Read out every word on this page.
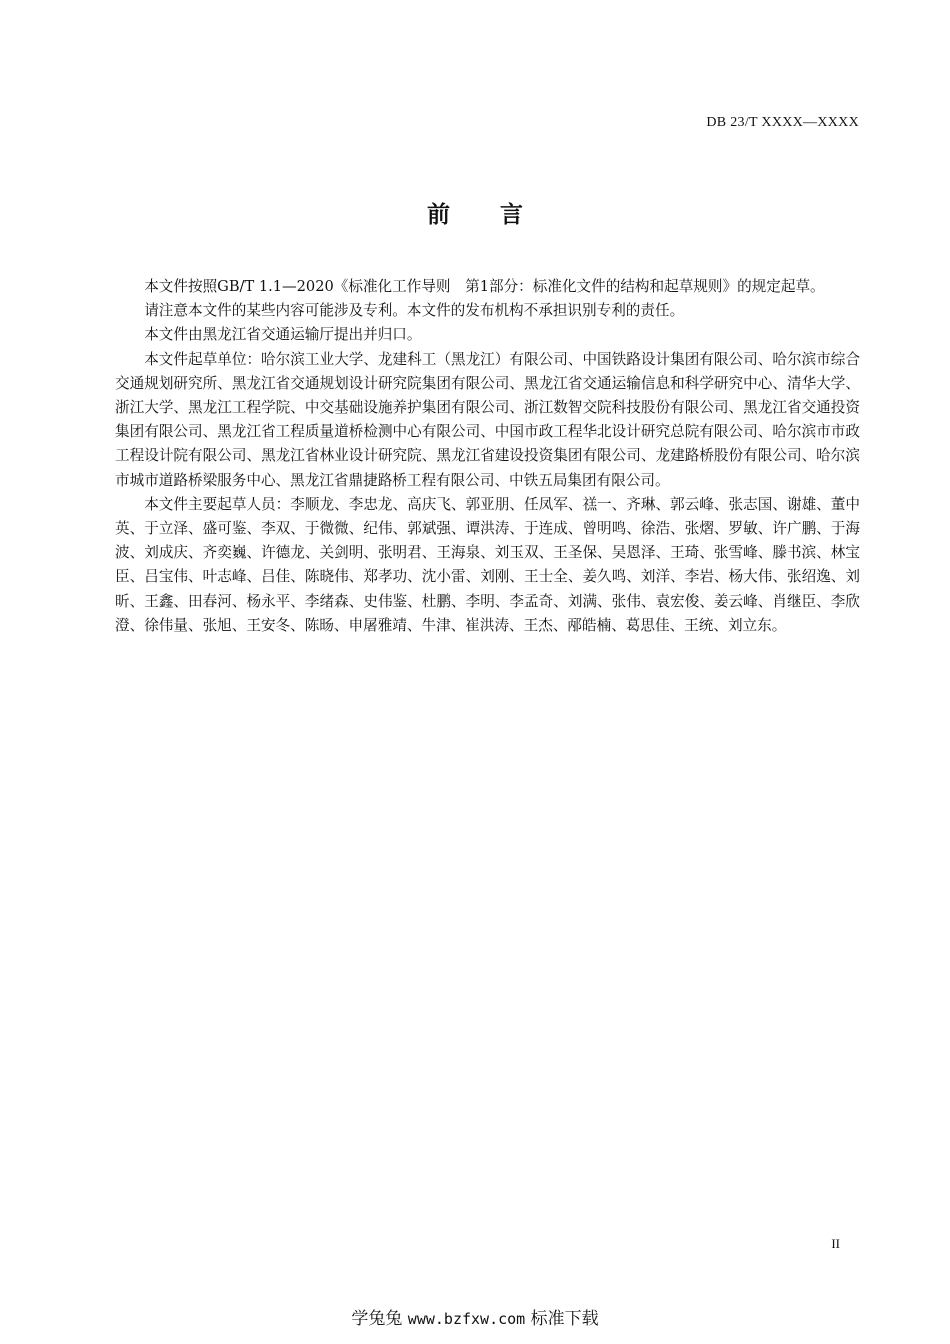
DB 23/T XXXX—XXXX
前言

本文件按照GB/T 1.1—2020《标准化工作导则　第1部分：标准化文件的结构和起草规则》的规定起草。

请注意本文件的某些内容可能涉及专利。本文件的发布机构不承担识别专利的责任。

本文件由黑龙江省交通运输厅提出并归口。

本文件起草单位：哈尔滨工业大学、龙建科工（黑龙江）有限公司、中国铁路设计集团有限公司、哈尔滨市综合交通规划研究所、黑龙江省交通规划设计研究院集团有限公司、黑龙江省交通运输信息和科学研究中心、清华大学、浙江大学、黑龙江工程学院、中交基础设施养护集团有限公司、浙江数智交院科技股份有限公司、黑龙江省交通投资集团有限公司、黑龙江省工程质量道桥检测中心有限公司、中国市政工程华北设计研究总院有限公司、哈尔滨市市政工程设计院有限公司、黑龙江省林业设计研究院、黑龙江省建设投资集团有限公司、龙建路桥股份有限公司、哈尔滨市城市道路桥梁服务中心、黑龙江省鼎捷路桥工程有限公司、中铁五局集团有限公司。

本文件主要起草人员：李顺龙、李忠龙、高庆飞、郭亚朋、任凤军、禚一、齐琳、郭云峰、张志国、谢雄、董中英、于立泽、盛可鉴、李双、于微微、纪伟、郭斌强、谭洪涛、于连成、曾明鸣、徐浩、张熠、罗敏、许广鹏、于海波、刘成庆、齐奕巍、许德龙、关剑明、张明君、王海泉、刘玉双、王圣保、吴恩泽、王琦、张雪峰、滕书滨、林宝臣、吕宝伟、叶志峰、吕佳、陈晓伟、郑孝功、沈小雷、刘刚、王士全、姜久鸣、刘洋、李岩、杨大伟、张绍逸、刘昕、王鑫、田春河、杨永平、李绪森、史伟鉴、杜鹏、李明、李孟奇、刘满、张伟、袁宏俊、姜云峰、肖继臣、李欣澄、徐伟量、张旭、王安冬、陈旸、申屠雅靖、牛津、崔洪涛、王杰、邴皓楠、葛思佳、王统、刘立东。

II
学兔兔 www.bzfxw.com 标准下载
